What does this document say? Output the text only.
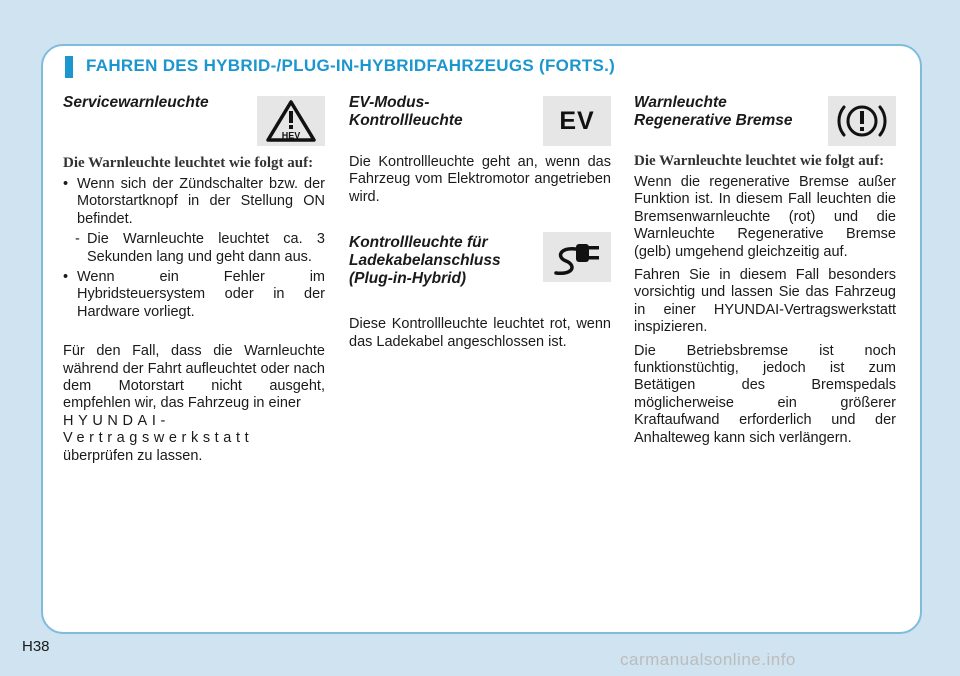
FAHREN DES HYBRID-/PLUG-IN-HYBRIDFAHRZEUGS (FORTS.)
Servicewarnleuchte
HEV

Die Warnleuchte leuchtet wie folgt auf:

• Wenn sich der Zündschalter bzw. der Motorstartknopf in der Stellung ON befindet.

- Die Warnleuchte leuchtet ca. 3 Sekunden lang und geht dann aus.

• Wenn ein Fehler im Hybridsteuersystem oder in der Hardware vorliegt.

Für den Fall, dass die Warnleuchte während der Fahrt aufleuchtet oder nach dem Motorstart nicht ausgeht, empfehlen wir, das Fahrzeug in einer
HYUNDAI-Vertragswerkstatt
überprüfen zu lassen.

EV-Modus-Kontrollleuchte	EV

Die Kontrollleuchte geht an, wenn das Fahrzeug vom Elektromotor angetrieben wird.

Kontrollleuchte für Ladekabelanschluss (Plug-in-Hybrid)

Diese Kontrollleuchte leuchtet rot, wenn das Ladekabel angeschlossen ist.

Warnleuchte Regenerative Bremse

Die Warnleuchte leuchtet wie folgt auf:

Wenn die regenerative Bremse außer Funktion ist. In diesem Fall leuchten die Bremsenwarnleuchte (rot) und die Warnleuchte Regenerative Bremse (gelb) umgehend gleichzeitig auf.

Fahren Sie in diesem Fall besonders vorsichtig und lassen Sie das Fahrzeug in einer HYUNDAI-Vertragswerkstatt inspizieren.

Die Betriebsbremse ist noch funktionstüchtig, jedoch ist zum Betätigen des Bremspedals möglicherweise ein größerer Kraftaufwand erforderlich und der Anhalteweg kann sich verlängern.

H38
carmanualsonline.info
